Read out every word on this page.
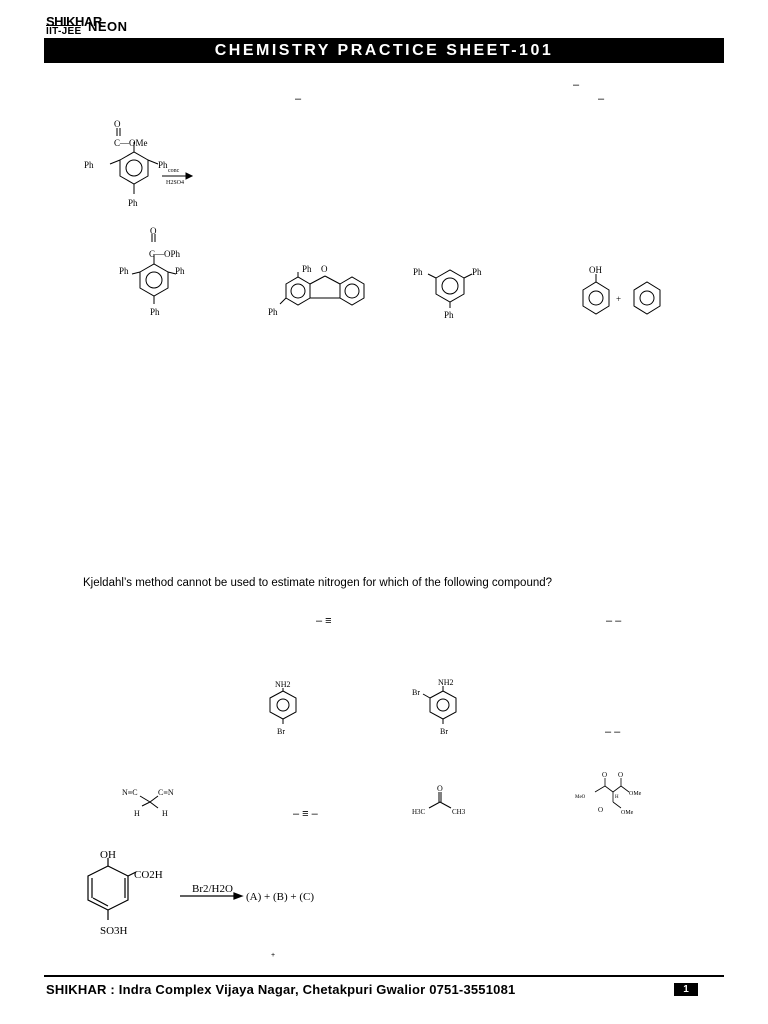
SHIKHAR
IIT-JEE NEON
CHEMISTRY PRACTICE SHEET-101
–
–	–
O
C—OMe
Ph	Ph
Ph
conc
H2SO4
O
C—OPh
Ph	Ph
Ph
Ph O
Ph
Ph	Ph
Ph
OH
+
Kjeldahl’s method cannot be used to estimate nitrogen for which of the following compound?
– ≡	– –
– –
– ≡ –
NH2
Br
NH2
Br
Br
N≡C	C≡N
H	H
O
H3C	CH3
O O
MeO	H
OMe
O	OMe
OH
CO2H
SO3H
Br2/H2O
(A) + (B) + (C)
+
SHIKHAR : Indra Complex Vijaya Nagar, Chetakpuri Gwalior 0751-3551081	1
